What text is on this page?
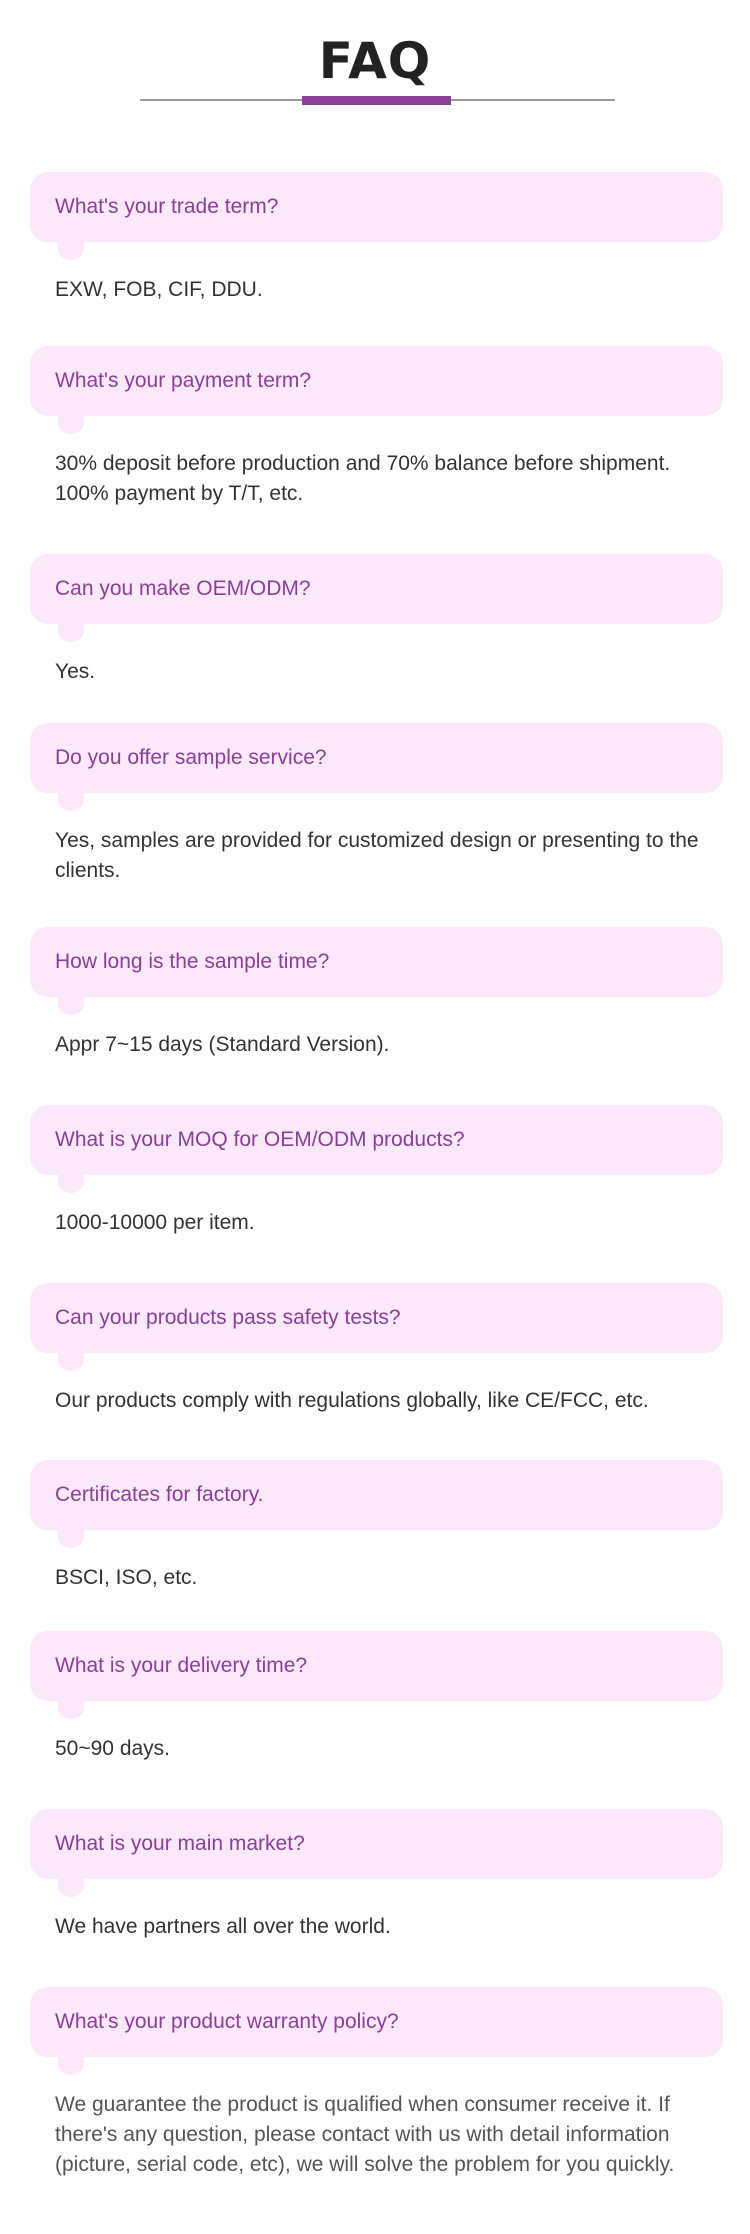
FAQ
What's your trade term?
EXW, FOB, CIF, DDU.
What's your payment term?
30% deposit before production and 70% balance before shipment. 100% payment by T/T, etc.
Can you make OEM/ODM?
Yes.
Do you offer sample service?
Yes, samples are provided for customized design or presenting to the clients.
How long is the sample time?
Appr 7~15 days (Standard Version).
What is your MOQ for OEM/ODM products?
1000-10000 per item.
Can your products pass safety tests?
Our products comply with regulations globally, like CE/FCC, etc.
Certificates for factory.
BSCI, ISO, etc.
What is your delivery time?
50~90 days.
What is your main market?
We have partners all over the world.
What's your product warranty policy?
We guarantee the product is qualified when consumer receive it. If there's any question, please contact with us with detail information (picture, serial code, etc), we will solve the problem for you quickly.
